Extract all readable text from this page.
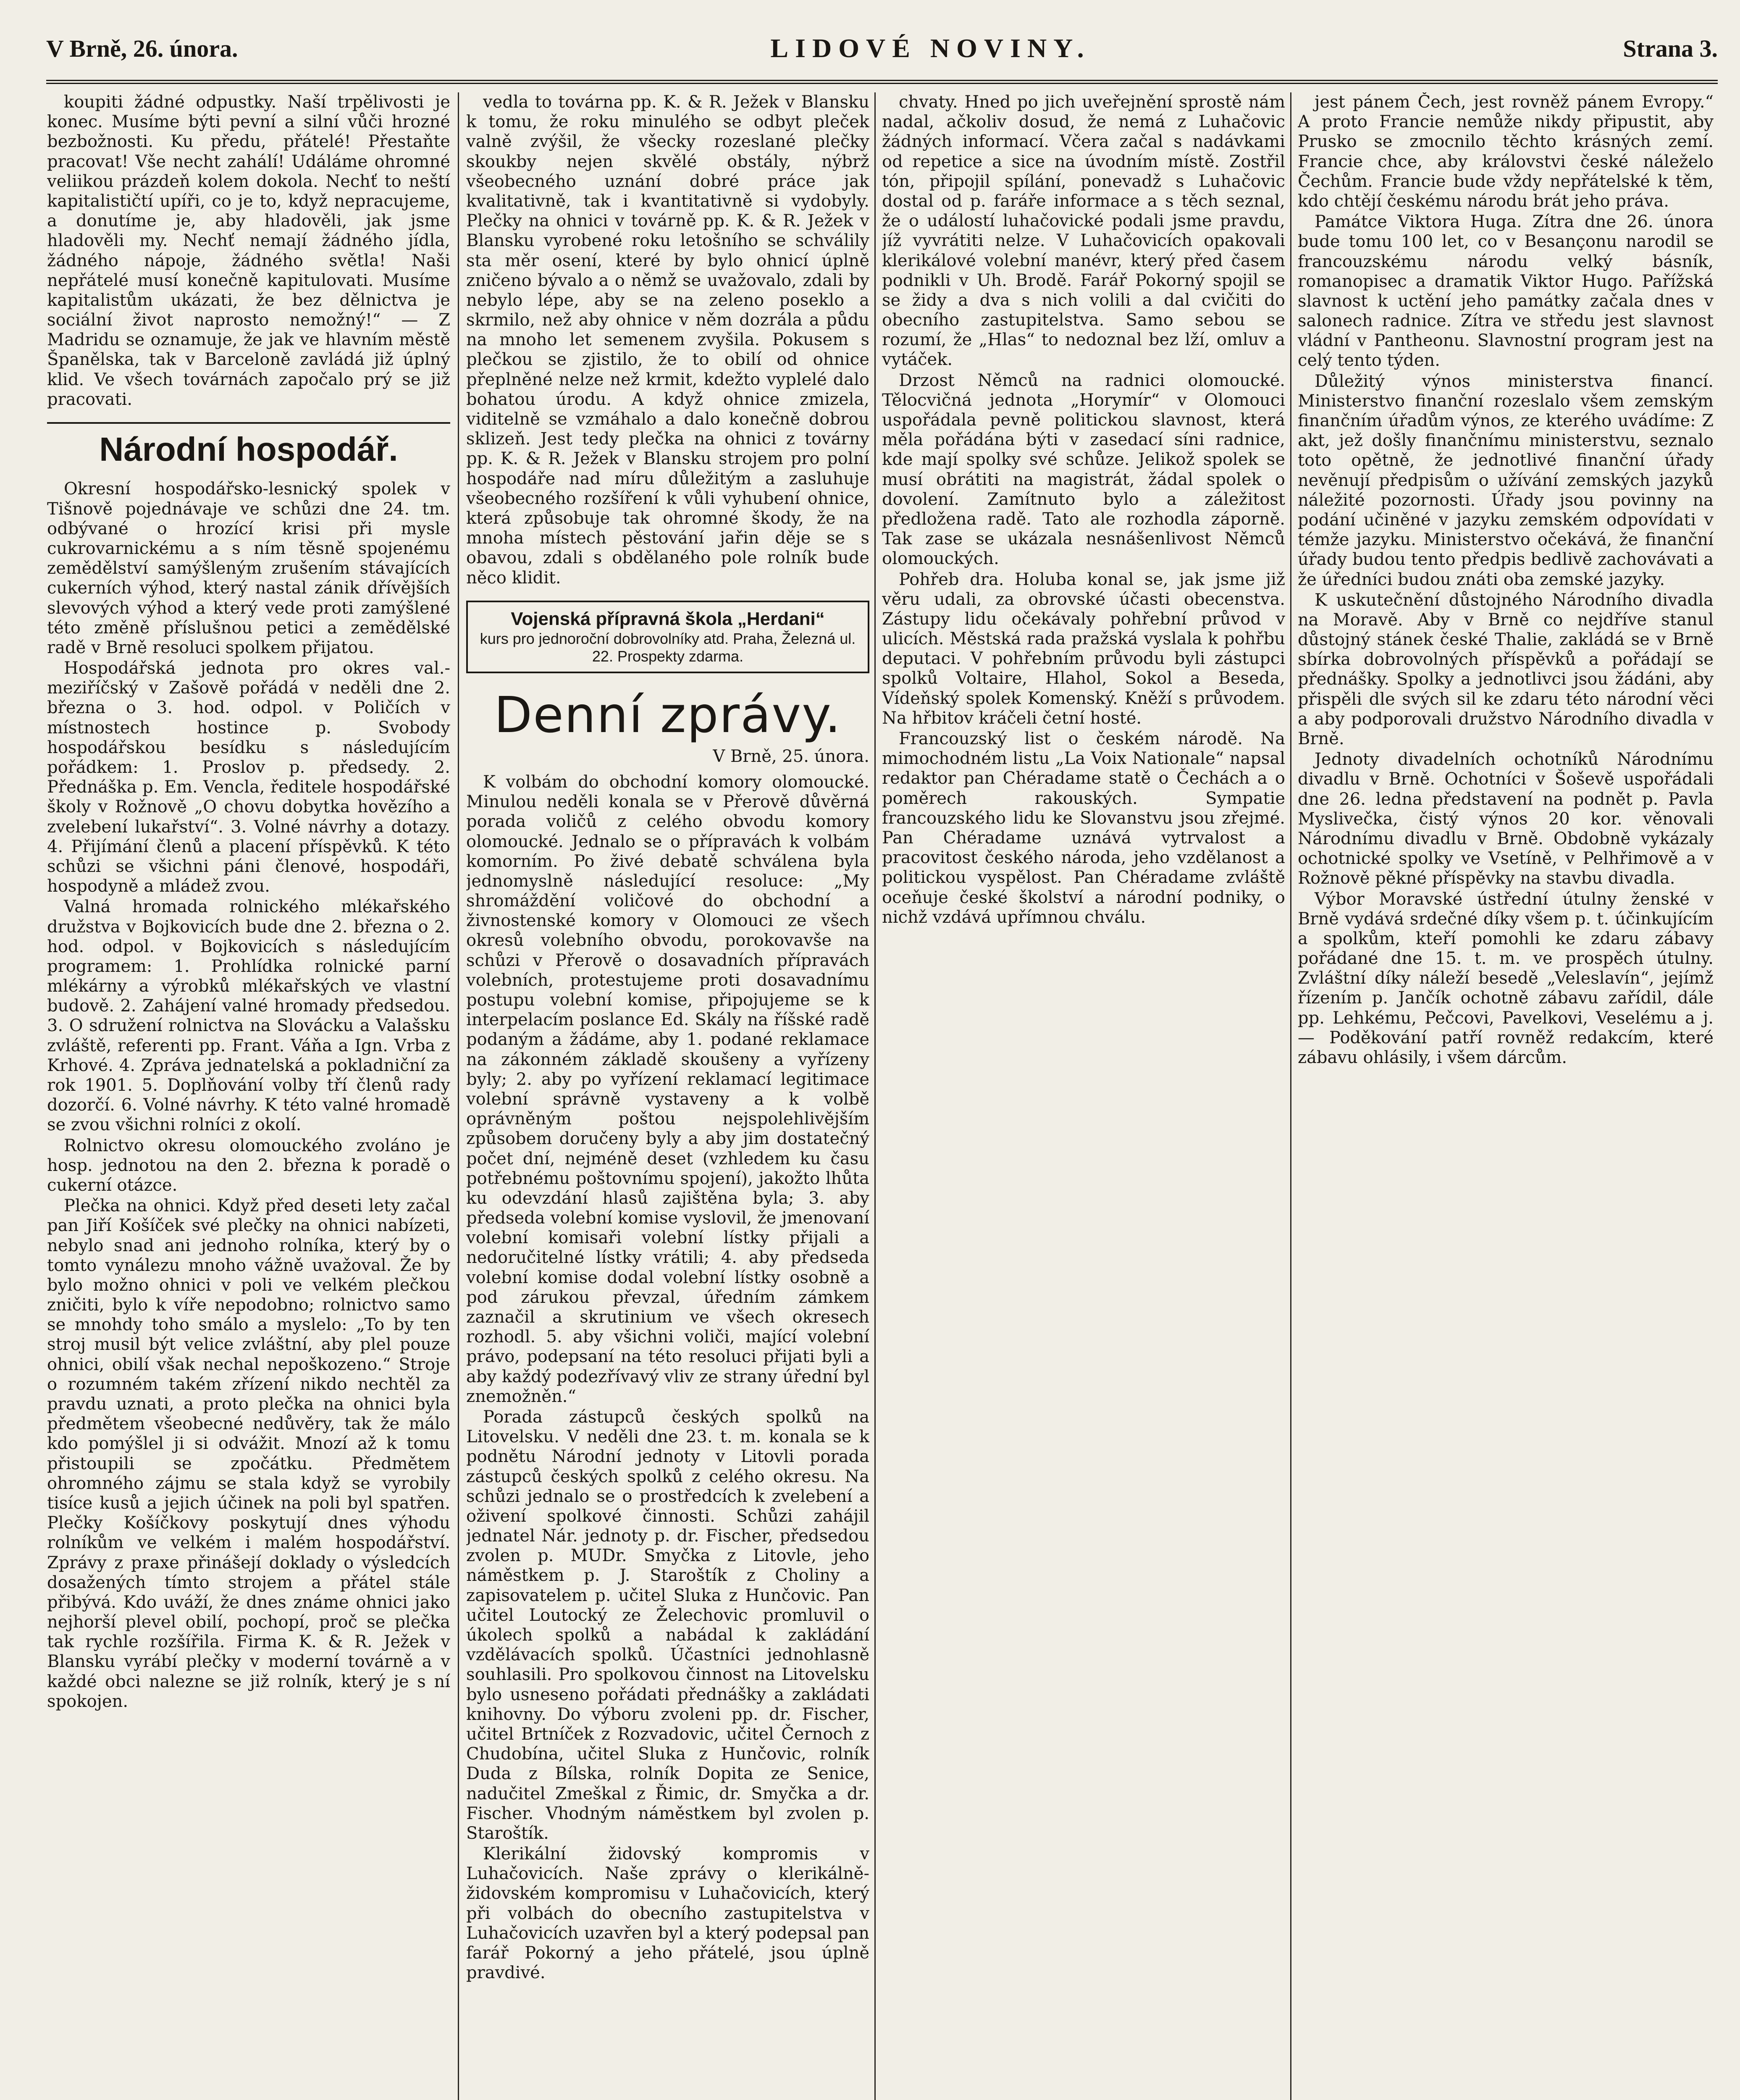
V Brně, 26. února.	LIDOVÉ NOVINY.	Strana 3.

koupiti žádné odpustky. Naší trpělivosti je konec. Musíme býti pevní a silní vůči hrozné bezbožnosti. Ku předu, přátelé! Přestaňte pracovat! Vše necht zahálí! Událáme ohromné veliikou prázdeň kolem dokola. Nechť to neští kapitalističtí upíři, co je to, když nepracujeme, a donutíme je, aby hladověli, jak jsme hladověli my. Nechť nemají žádného jídla, žádného nápoje, žádného světla! Naši nepřátelé musí konečně kapitulovati. Musíme kapitalistům ukázati, že bez dělnictva je sociální život naprosto nemožný!“ — Z Madridu se oznamuje, že jak ve hlavním městě Španělska, tak v Barceloně zavládá již úplný klid. Ve všech továrnách započalo prý se již pracovati.

Národní hospodář.

Okresní hospodářsko-lesnický spolek v Tišnově pojednávaje ve schůzi dne 24. tm. odbývané o hrozící krisi při mysle cukrovarnickému a s ním těsně spojenému zemědělství samýšleným zrušením stávajících cukerních výhod, který nastal zánik dřívějších slevových výhod a který vede proti zamýšlené této změně příslušnou petici a zemědělské radě v Brně resoluci spolkem přijatou.

Hospodářská jednota pro okres val.-meziříčský v Zašově pořádá v neděli dne 2. března o 3. hod. odpol. v Poličích v místnostech hostince p. Svobody hospodářskou besídku s následujícím pořádkem: 1. Proslov p. předsedy. 2. Přednáška p. Em. Vencla, ředitele hospodářské školy v Rožnově „O chovu dobytka hovězího a zvelebení lukařství“. 3. Volné návrhy a dotazy. 4. Přijímání členů a placení příspěvků. K této schůzi se všichni páni členové, hospodáři, hospodyně a mládež zvou.

Valná hromada rolnického mlékařského družstva v Bojkovicích bude dne 2. března o 2. hod. odpol. v Bojkovicích s následujícím programem: 1. Prohlídka rolnické parní mlékárny a výrobků mlékařských ve vlastní budově. 2. Zahájení valné hromady předsedou. 3. O sdružení rolnictva na Slovácku a Valašsku zvláště, referenti pp. Frant. Váňa a Ign. Vrba z Krhové. 4. Zpráva jednatelská a pokladniční za rok 1901. 5. Doplňování volby tří členů rady dozorčí. 6. Volné návrhy. K této valné hromadě se zvou všichni rolníci z okolí.

Rolnictvo okresu olomouckého zvoláno je hosp. jednotou na den 2. března k poradě o cukerní otázce.

Plečka na ohnici. Když před deseti lety začal pan Jiří Košíček své plečky na ohnici nabízeti, nebylo snad ani jednoho rolníka, který by o tomto vynálezu mnoho vážně uvažoval. Že by bylo možno ohnici v poli ve velkém plečkou zničiti, bylo k víře nepodobno; rolnictvo samo se mnohdy toho smálo a myslelo: „To by ten stroj musil být velice zvláštní, aby plel pouze ohnici, obilí však nechal nepoškozeno.“ Stroje o rozumném takém zřízení nikdo nechtěl za pravdu uznati, a proto plečka na ohnici byla předmětem všeobecné nedůvěry, tak že málo kdo pomýšlel ji si odvážit. Mnozí až k tomu přistoupili se zpočátku. Předmětem ohromného zájmu se stala když se vyrobily tisíce kusů a jejich účinek na poli byl spatřen. Plečky Košíčkovy poskytují dnes výhodu rolníkům ve velkém i malém hospodářství. Zprávy z praxe přinášejí doklady o výsledcích dosažených tímto strojem a přátel stále přibývá. Kdo uváží, že dnes známe ohnici jako nejhorší plevel obilí, pochopí, proč se plečka tak rychle rozšířila. Firma K. & R. Ježek v Blansku vyrábí plečky v moderní továrně a v každé obci nalezne se již rolník, který je s ní spokojen.

vedla to továrna pp. K. & R. Ježek v Blansku k tomu, že roku minulého se odbyt pleček valně zvýšil, že všecky rozeslané plečky skoukby nejen skvělé obstály, nýbrž všeobecného uznání dobré práce jak kvalitativně, tak i kvantitativně si vydobyly. Plečky na ohnici v továrně pp. K. & R. Ježek v Blansku vyrobené roku letošního se schválily sta měr osení, které by bylo ohnicí úplně zničeno bývalo a o němž se uvažovalo, zdali by nebylo lépe, aby se na zeleno poseklo a skrmilo, než aby ohnice v něm dozrála a půdu na mnoho let semenem zvyšila. Pokusem s plečkou se zjistilo, že to obilí od ohnice přeplněné nelze než krmit, kdežto vyplelé dalo bohatou úrodu. A když ohnice zmizela, viditelně se vzmáhalo a dalo konečně dobrou sklizeň. Jest tedy plečka na ohnici z továrny pp. K. & R. Ježek v Blansku strojem pro polní hospodáře nad míru důležitým a zasluhuje všeobecného rozšíření k vůli vyhubení ohnice, která způsobuje tak ohromné škody, že na mnoha místech pěstování jařin děje se s obavou, zdali s obdělaného pole rolník bude něco klidit.

Vojenská přípravná škola „Herdani“
kurs pro jednoroční dobrovolníky atd. Praha, Železná ul. 22. Prospekty zdarma.
Denní zprávy.
V Brně, 25. února.

K volbám do obchodní komory olomoucké. Minulou neděli konala se v Přerově důvěrná porada voličů z celého obvodu komory olomoucké. Jednalo se o přípravách k volbám komorním. Po živé debatě schválena byla jednomyslně následující resoluce: „My shromáždění voličové do obchodní a živnostenské komory v Olomouci ze všech okresů volebního obvodu, porokovavše na schůzi v Přerově o dosavadních přípravách volebních, protestujeme proti dosavadnímu postupu volební komise, připojujeme se k interpelacím poslance Ed. Skály na říšské radě podaným a žádáme, aby 1. podané reklamace na zákonném základě skoušeny a vyřízeny byly; 2. aby po vyřízení reklamací legitimace volební správně vystaveny a k volbě oprávněným poštou nejspolehlivějším způsobem doručeny byly a aby jim dostatečný počet dní, nejméně deset (vzhledem ku času potřebnému poštovnímu spojení), jakožto lhůta ku odevzdání hlasů zajištěna byla; 3. aby předseda volební komise vyslovil, že jmenovaní volební komisaři volební lístky přijali a nedoručitelné lístky vrátili; 4. aby předseda volební komise dodal volební lístky osobně a pod zárukou převzal, úředním zámkem zaznačil a skrutinium ve všech okresech rozhodl. 5. aby všichni voliči, mající volební právo, podepsaní na této resoluci přijati byli a aby každý podezřívavý vliv ze strany úřední byl znemožněn.“

Porada zástupců českých spolků na Litovelsku. V neděli dne 23. t. m. konala se k podnětu Národní jednoty v Litovli porada zástupců českých spolků z celého okresu. Na schůzi jednalo se o prostředcích k zvelebení a oživení spolkové činnosti. Schůzi zahájil jednatel Nár. jednoty p. dr. Fischer, předsedou zvolen p. MUDr. Smyčka z Litovle, jeho náměstkem p. J. Staroštík z Choliny a zapisovatelem p. učitel Sluka z Hunčovic. Pan učitel Loutocký ze Želechovic promluvil o úkolech spolků a nabádal k zakládání vzdělávacích spolků. Účastníci jednohlasně souhlasili. Pro spolkovou činnost na Litovelsku bylo usneseno pořádati přednášky a zakládati knihovny. Do výboru zvoleni pp. dr. Fischer, učitel Brtníček z Rozvadovic, učitel Černoch z Chudobína, učitel Sluka z Hunčovic, rolník Duda z Bílska, rolník Dopita ze Senice, nadučitel Zmeškal z Řimic, dr. Smyčka a dr. Fischer. Vhodným náměstkem byl zvolen p. Staroštík.

Klerikální židovský kompromis v Luhačovicích. Naše zprávy o klerikálně-židovském kompromisu v Luhačovicích, který při volbách do obecního zastupitelstva v Luhačovicích uzavřen byl a který podepsal pan farář Pokorný a jeho přátelé, jsou úplně pravdivé.

chvaty. Hned po jich uveřejnění sprostě nám nadal, ačkoliv dosud, že nemá z Luhačovic žádných informací. Včera začal s nadávkami od repetice a sice na úvodním místě. Zostřil tón, připojil spílání, ponevadž s Luhačovic dostal od p. faráře informace a s těch seznal, že o událostí luhačovické podali jsme pravdu, jíž vyvrátiti nelze. V Luhačovicích opakovali klerikálové volební manévr, který před časem podnikli v Uh. Brodě. Farář Pokorný spojil se se židy a dva s nich volili a dal cvičiti do obecního zastupitelstva. Samo sebou se rozumí, že „Hlas“ to nedoznal bez lží, omluv a vytáček.

Drzost Němců na radnici olomoucké. Tělocvičná jednota „Horymír“ v Olomouci uspořádala pevně politickou slavnost, která měla pořádána býti v zasedací síni radnice, kde mají spolky své schůze. Jelikož spolek se musí obrátiti na magistrát, žádal spolek o dovolení. Zamítnuto bylo a záležitost předložena radě. Tato ale rozhodla záporně. Tak zase se ukázala nesnášenlivost Němců olomouckých.

Pohřeb dra. Holuba konal se, jak jsme již věru udali, za obrovské účasti obecenstva. Zástupy lidu očekávaly pohřební průvod v ulicích. Městská rada pražská vyslala k pohřbu deputaci. V pohřebním průvodu byli zástupci spolků Voltaire, Hlahol, Sokol a Beseda, Vídeňský spolek Komenský. Kněží s průvodem. Na hřbitov kráčeli četní hosté.

Francouzský list o českém národě. Na mimochodném listu „La Voix Nationale“ napsal redaktor pan Chéradame statě o Čechách a o poměrech rakouských. Sympatie francouzského lidu ke Slovanstvu jsou zřejmé. Pan Chéradame uznává vytrvalost a pracovitost českého národa, jeho vzdělanost a politickou vyspělost. Pan Chéradame zvláště oceňuje české školství a národní podniky, o nichž vzdává upřímnou chválu.

jest pánem Čech, jest rovněž pánem Evropy.“ A proto Francie nemůže nikdy připustit, aby Prusko se zmocnilo těchto krásných zemí. Francie chce, aby královstvi české náleželo Čechům. Francie bude vždy nepřátelské k těm, kdo chtějí českému národu brát jeho práva.

Památce Viktora Huga. Zítra dne 26. února bude tomu 100 let, co v Besançonu narodil se francouzskému národu velký básník, romanopisec a dramatik Viktor Hugo. Pařížská slavnost k uctění jeho památky začala dnes v salonech radnice. Zítra ve středu jest slavnost vládní v Pantheonu. Slavnostní program jest na celý tento týden.

Důležitý výnos ministerstva financí. Ministerstvo finanční rozeslalo všem zemským finančním úřadům výnos, ze kterého uvádíme: Z akt, jež došly finančnímu ministerstvu, seznalo toto opětně, že jednotlivé finanční úřady nevěnují předpisům o užívání zemských jazyků náležité pozornosti. Úřady jsou povinny na podání učiněné v jazyku zemském odpovídati v témže jazyku. Ministerstvo očekává, že finanční úřady budou tento předpis bedlivě zachovávati a že úředníci budou znáti oba zemské jazyky.

K uskutečnění důstojného Národního divadla na Moravě. Aby v Brně co nejdříve stanul důstojný stánek české Thalie, zakládá se v Brně sbírka dobrovolných příspěvků a pořádají se přednášky. Spolky a jednotlivci jsou žádáni, aby přispěli dle svých sil ke zdaru této národní věci a aby podporovali družstvo Národního divadla v Brně.

Jednoty divadelních ochotníků Národnímu divadlu v Brně. Ochotníci v Šoševě uspořádali dne 26. ledna představení na podnět p. Pavla Myslivečka, čistý výnos 20 kor. věnovali Národnímu divadlu v Brně. Obdobně vykázaly ochotnické spolky ve Vsetíně, v Pelhřimově a v Rožnově pěkné příspěvky na stavbu divadla.

Výbor Moravské ústřední útulny ženské v Brně vydává srdečné díky všem p. t. účinkujícím a spolkům, kteří pomohli ke zdaru zábavy pořádané dne 15. t. m. ve prospěch útulny. Zvláštní díky náleží besedě „Veleslavín“, jejímž řízením p. Jančík ochotně zábavu zařídil, dále pp. Lehkému, Pečcovi, Pavelkovi, Veselému a j. — Poděkování patří rovněž redakcím, které zábavu ohlásily, i všem dárcům.
